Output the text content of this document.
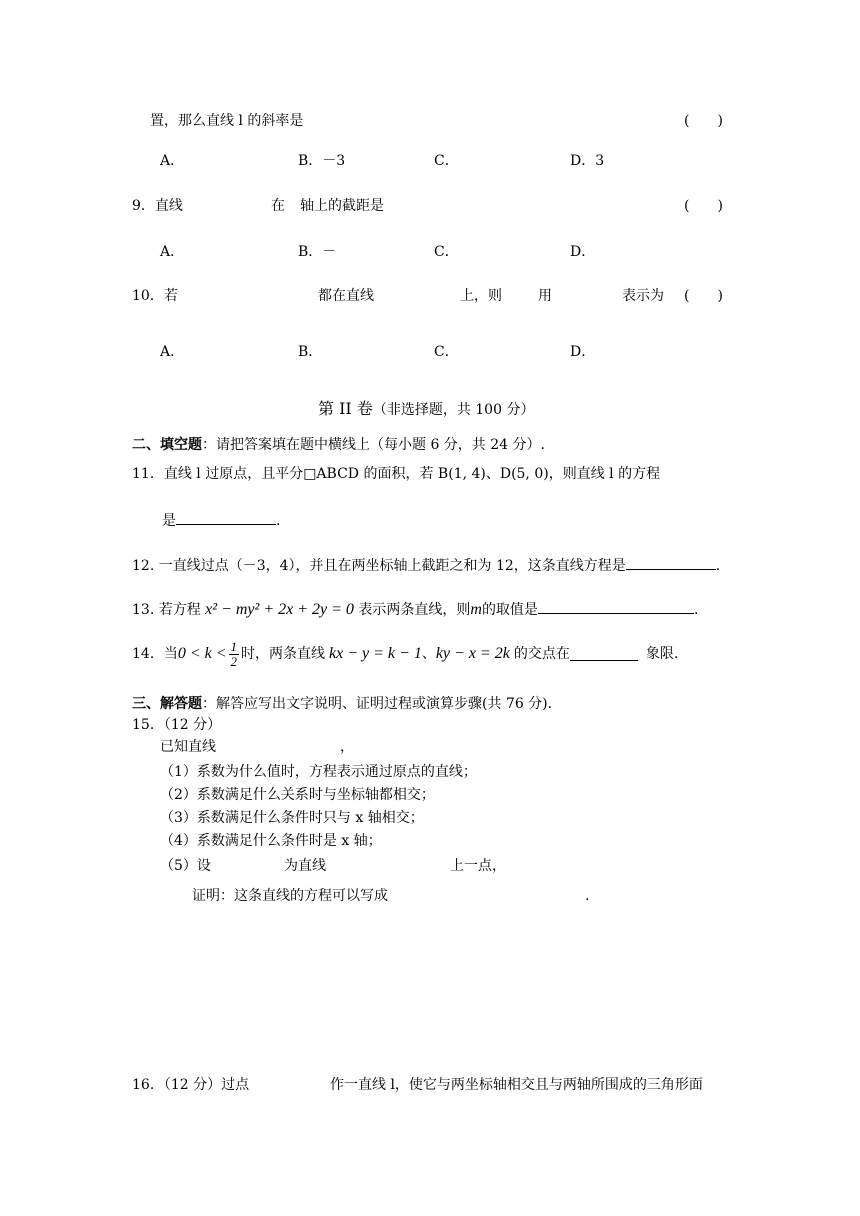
置，那么直线 l 的斜率是	(　　)
A．	B．－3	C．	D．3
9．直线	在 轴上的截距是	(　　)
A．	B．－	C．	D．
10．若	都在直线	上，则	用	表示为 (　　)
A．	B．	C．	D．
第 II 卷（非选择题，共 100 分）
二、填空题：请把答案填在题中横线上（每小题 6 分，共 24 分）.
11．直线 l 过原点，且平分□ABCD 的面积，若 B(1, 4)、D(5, 0)，则直线 l 的方程
是	.
12. 一直线过点（－3，4），并且在两坐标轴上截距之和为 12，这条直线方程是	.
13. 若方程 x² − my² + 2x + 2y = 0 表示两条直线，则m的取值是	.
14．当 $0 < k < \frac{1}{2}$ 时，两条直线 kx − y = k − 1 、 ky − x = 2k 的交点在	象限.
三、解答题：解答应写出文字说明、证明过程或演算步骤(共 76 分).
15．（12 分）
已知直线	，
（1）系数为什么值时，方程表示通过原点的直线；
（2）系数满足什么关系时与坐标轴都相交；
（3）系数满足什么条件时只与 x 轴相交；
（4）系数满足什么条件时是 x 轴；
（5）设	为直线	上一点，
证明：这条直线的方程可以写成	.
16．（12 分）过点	作一直线 l，使它与两坐标轴相交且与两轴所围成的三角形面
